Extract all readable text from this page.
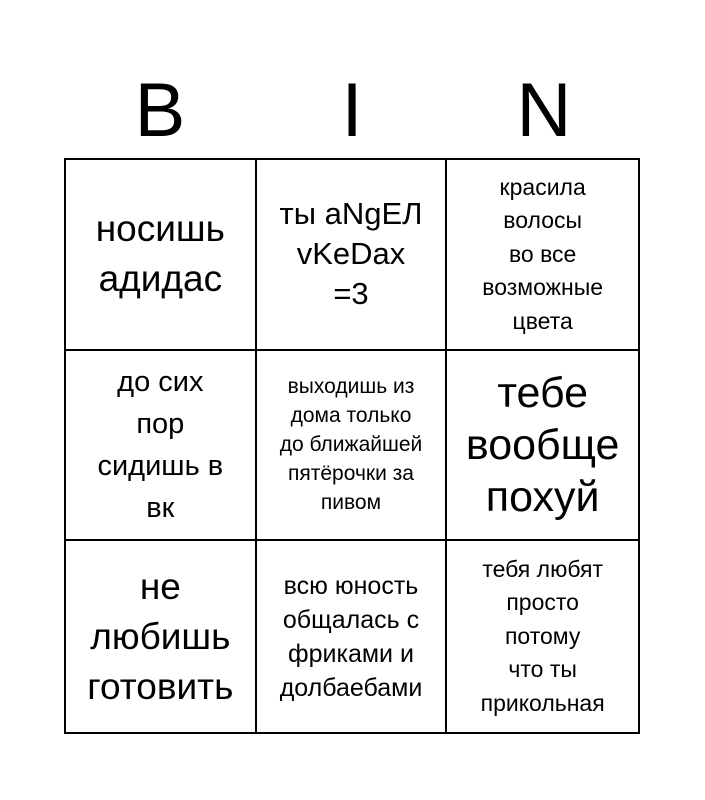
B	I	N
носишь
адидас
ты aNgEЛ
vKeDax
=3
красила
волосы
во все
возможные
цвета
до сих
пор
сидишь в
вк
выходишь из
дома только
до ближайшей
пятёрочки за
пивом
тебе
вообще
похуй
не
любишь
готовить
всю юность
общалась с
фриками и
долбаебами
тебя любят
просто
потому
что ты
прикольная
